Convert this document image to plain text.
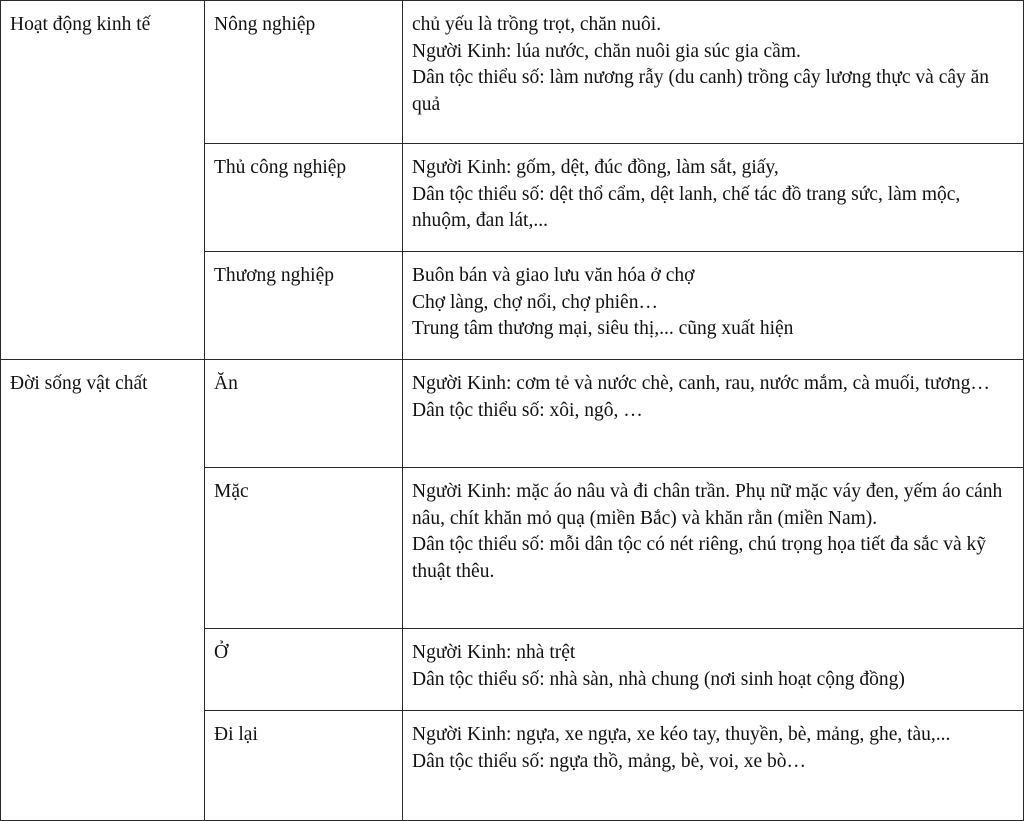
Hoạt động kinh tế	Nông nghiệp	chủ yếu là trồng trọt, chăn nuôi.
Người Kinh: lúa nước, chăn nuôi gia súc gia cầm.
Dân tộc thiểu số: làm nương rẫy (du canh) trồng cây lương thực và cây ăn quả

	Thủ công nghiệp	Người Kinh: gốm, dệt, đúc đồng, làm sắt, giấy,
Dân tộc thiểu số: dệt thổ cẩm, dệt lanh, chế tác đồ trang sức, làm mộc, nhuộm, đan lát,...

	Thương nghiệp	Buôn bán và giao lưu văn hóa ở chợ
Chợ làng, chợ nổi, chợ phiên…
Trung tâm thương mại, siêu thị,... cũng xuất hiện

Đời sống vật chất	Ăn	Người Kinh: cơm tẻ và nước chè, canh, rau, nước mắm, cà muối, tương…
Dân tộc thiểu số: xôi, ngô, …

	Mặc	Người Kinh: mặc áo nâu và đi chân trần. Phụ nữ mặc váy đen, yếm áo cánh nâu, chít khăn mỏ quạ (miền Bắc) và khăn rằn (miền Nam).
Dân tộc thiểu số: mỗi dân tộc có nét riêng, chú trọng họa tiết đa sắc và kỹ thuật thêu.

	Ở	Người Kinh: nhà trệt
Dân tộc thiểu số: nhà sàn, nhà chung (nơi sinh hoạt cộng đồng)

	Đi lại	Người Kinh: ngựa, xe ngựa, xe kéo tay, thuyền, bè, mảng, ghe, tàu,...
Dân tộc thiểu số: ngựa thồ, mảng, bè, voi, xe bò…
